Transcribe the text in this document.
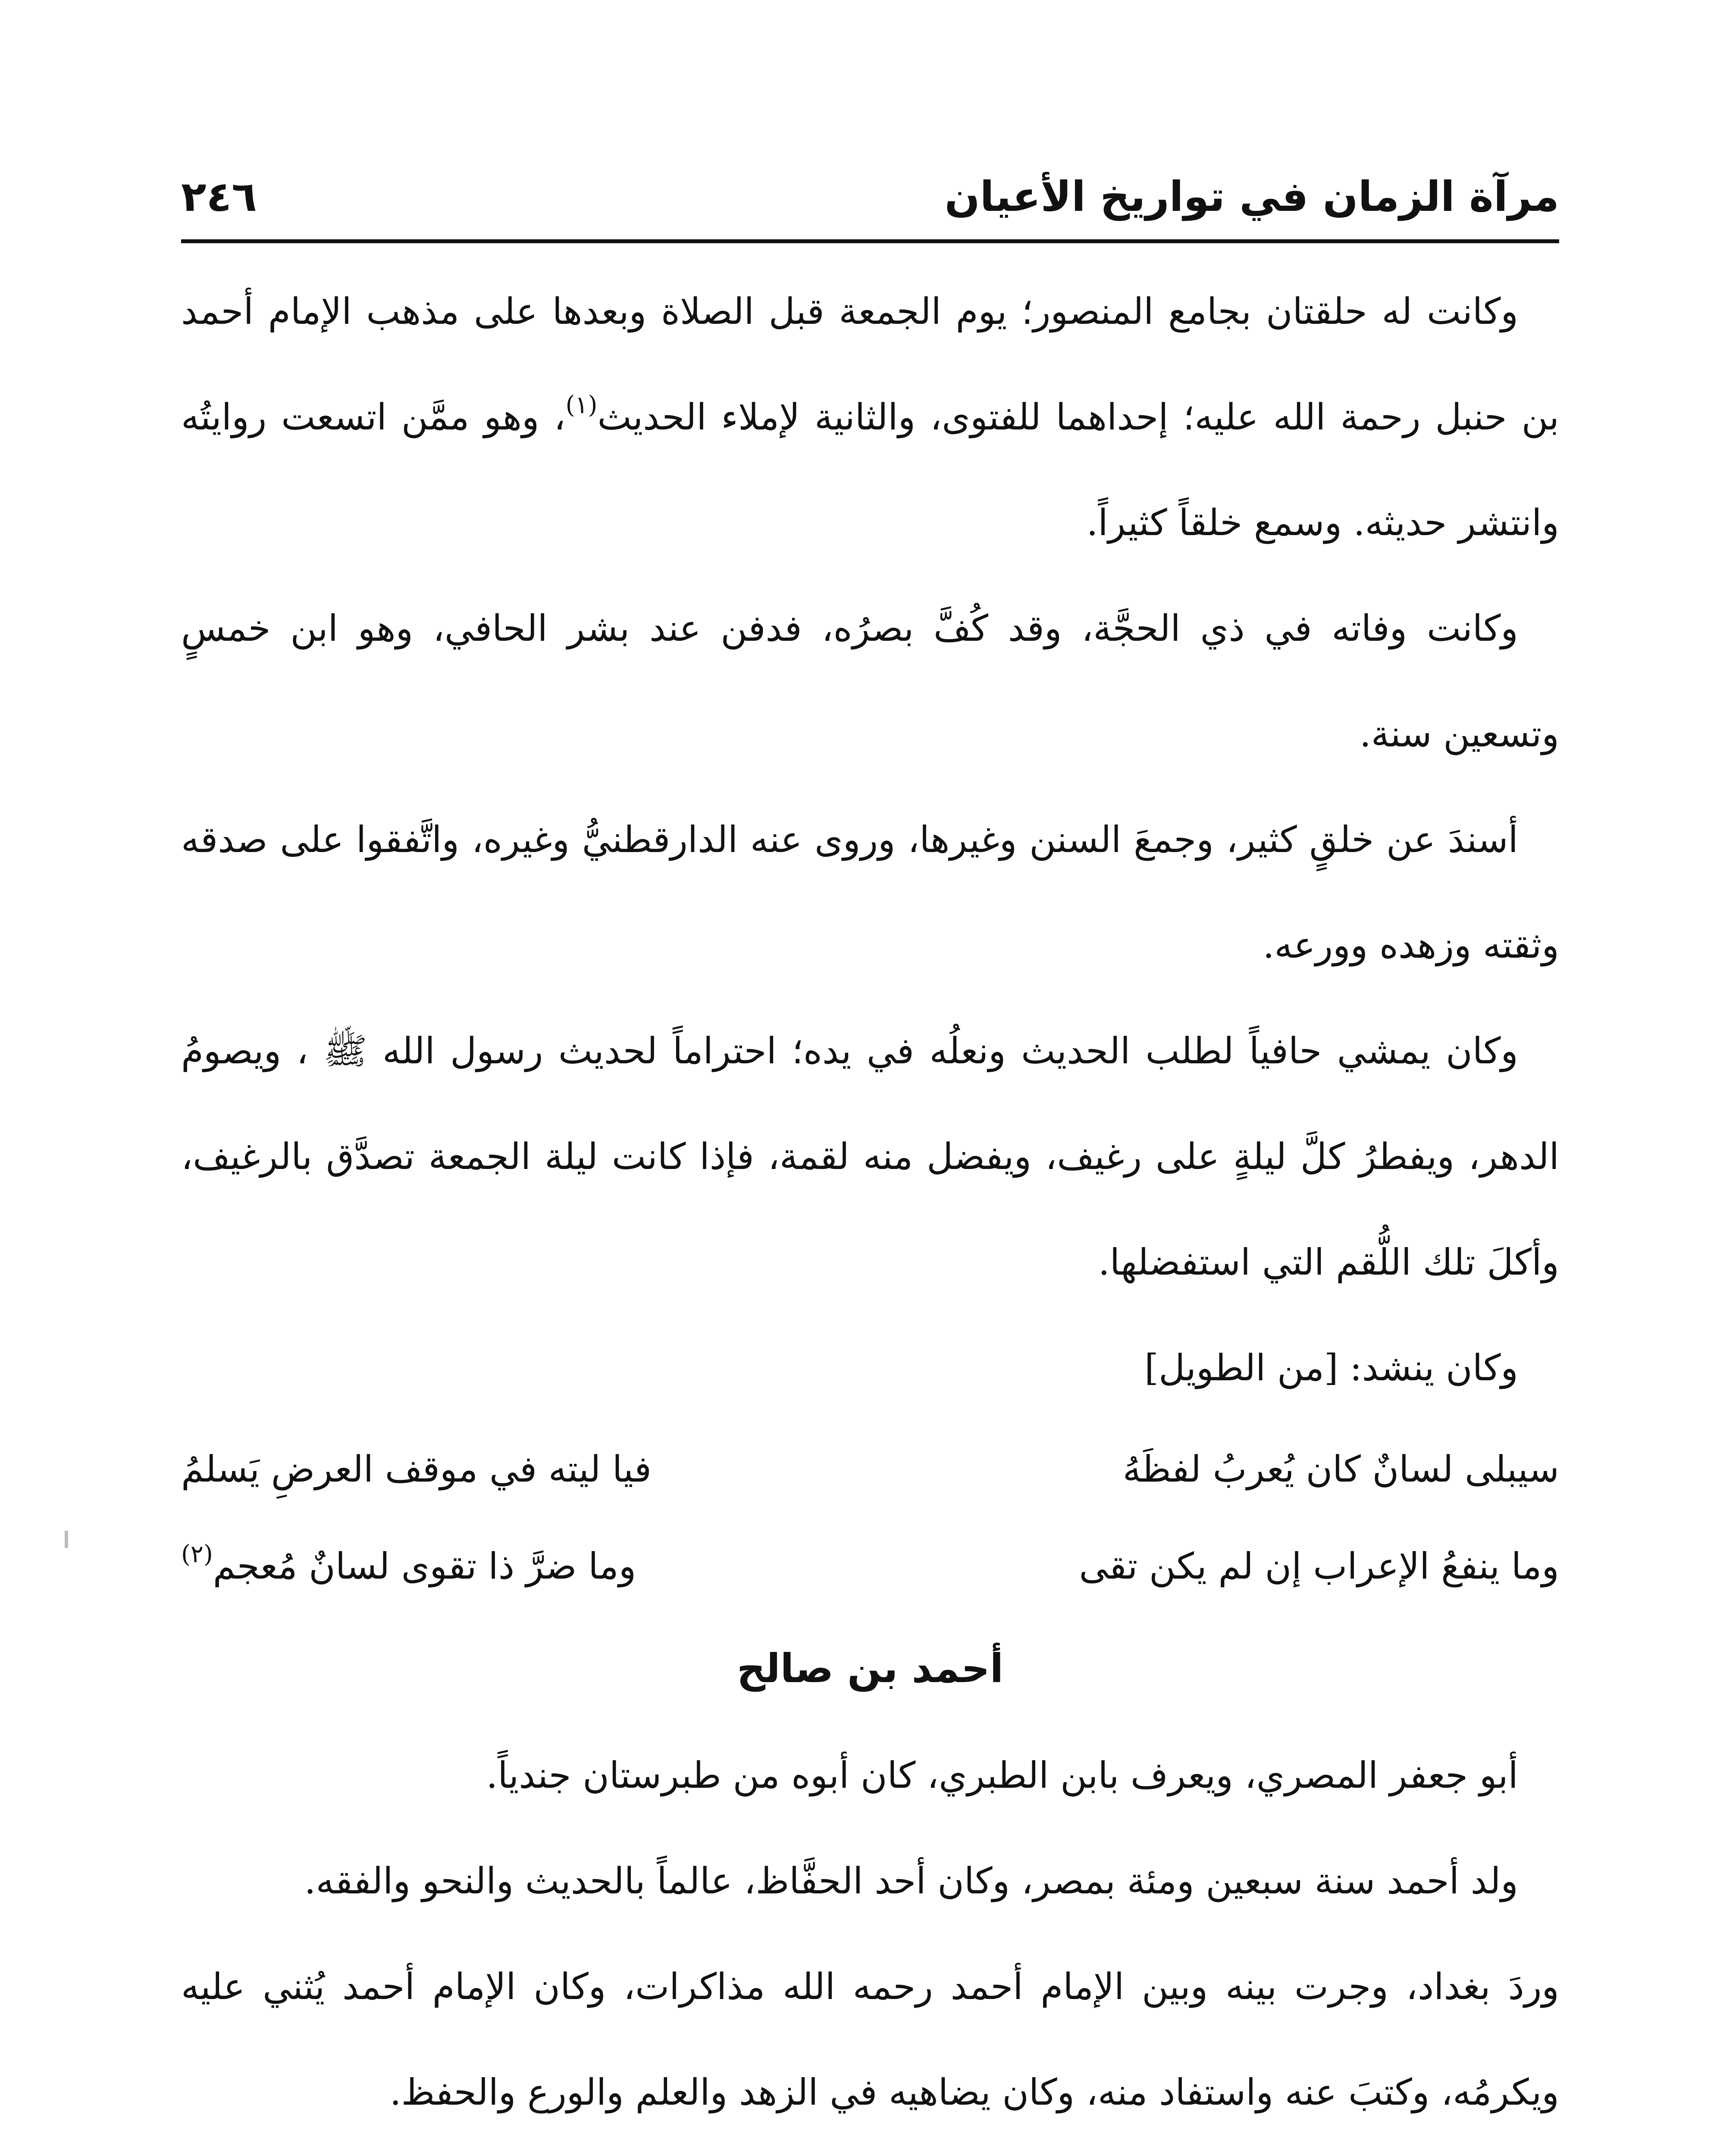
مرآة الزمان في تواريخ الأعيان
٢٤٦

وكانت له حلقتان بجامع المنصور؛ يوم الجمعة قبل الصلاة وبعدها على مذهب الإمام أحمد بن حنبل رحمة الله عليه؛ إحداهما للفتوى، والثانية لإملاء الحديث$^{(١)}$، وهو ممَّن اتسعت روايتُه وانتشر حديثه. وسمع خلقاً كثيراً.

وكانت وفاته في ذي الحجَّة، وقد كُفَّ بصرُه، فدفن عند بشر الحافي، وهو ابن خمسٍ وتسعين سنة.

أسندَ عن خلقٍ كثير، وجمعَ السنن وغيرها، وروى عنه الدارقطنيُّ وغيره، واتَّفقوا على صدقه وثقته وزهده وورعه.

وكان يمشي حافياً لطلب الحديث ونعلُه في يده؛ احتراماً لحديث رسول الله ﷺ ، ويصومُ الدهر، ويفطرُ كلَّ ليلةٍ على رغيف، ويفضل منه لقمة، فإذا كانت ليلة الجمعة تصدَّق بالرغيف، وأكلَ تلك اللُّقم التي استفضلها.

وكان ينشد: [من الطويل]

سيبلى لسانٌ كان يُعربُ لفظَهُ
فيا ليته في موقف العرضِ يَسلمُ
وما ينفعُ الإعراب إن لم يكن تقى
وما ضرَّ ذا تقوى لسانٌ مُعجم$^{(٢)}$
أحمد بن صالح

أبو جعفر المصري، ويعرف بابن الطبري، كان أبوه من طبرستان جندياً.

ولد أحمد سنة سبعين ومئة بمصر، وكان أحد الحفَّاظ، عالماً بالحديث والنحو والفقه.

وردَ بغداد، وجرت بينه وبين الإمام أحمد رحمه الله مذاكرات، وكان الإمام أحمد يُثني عليه ويكرمُه، وكتبَ عنه واستفاد منه، وكان يضاهيه في الزهد والعلم والورع والحفظ.
